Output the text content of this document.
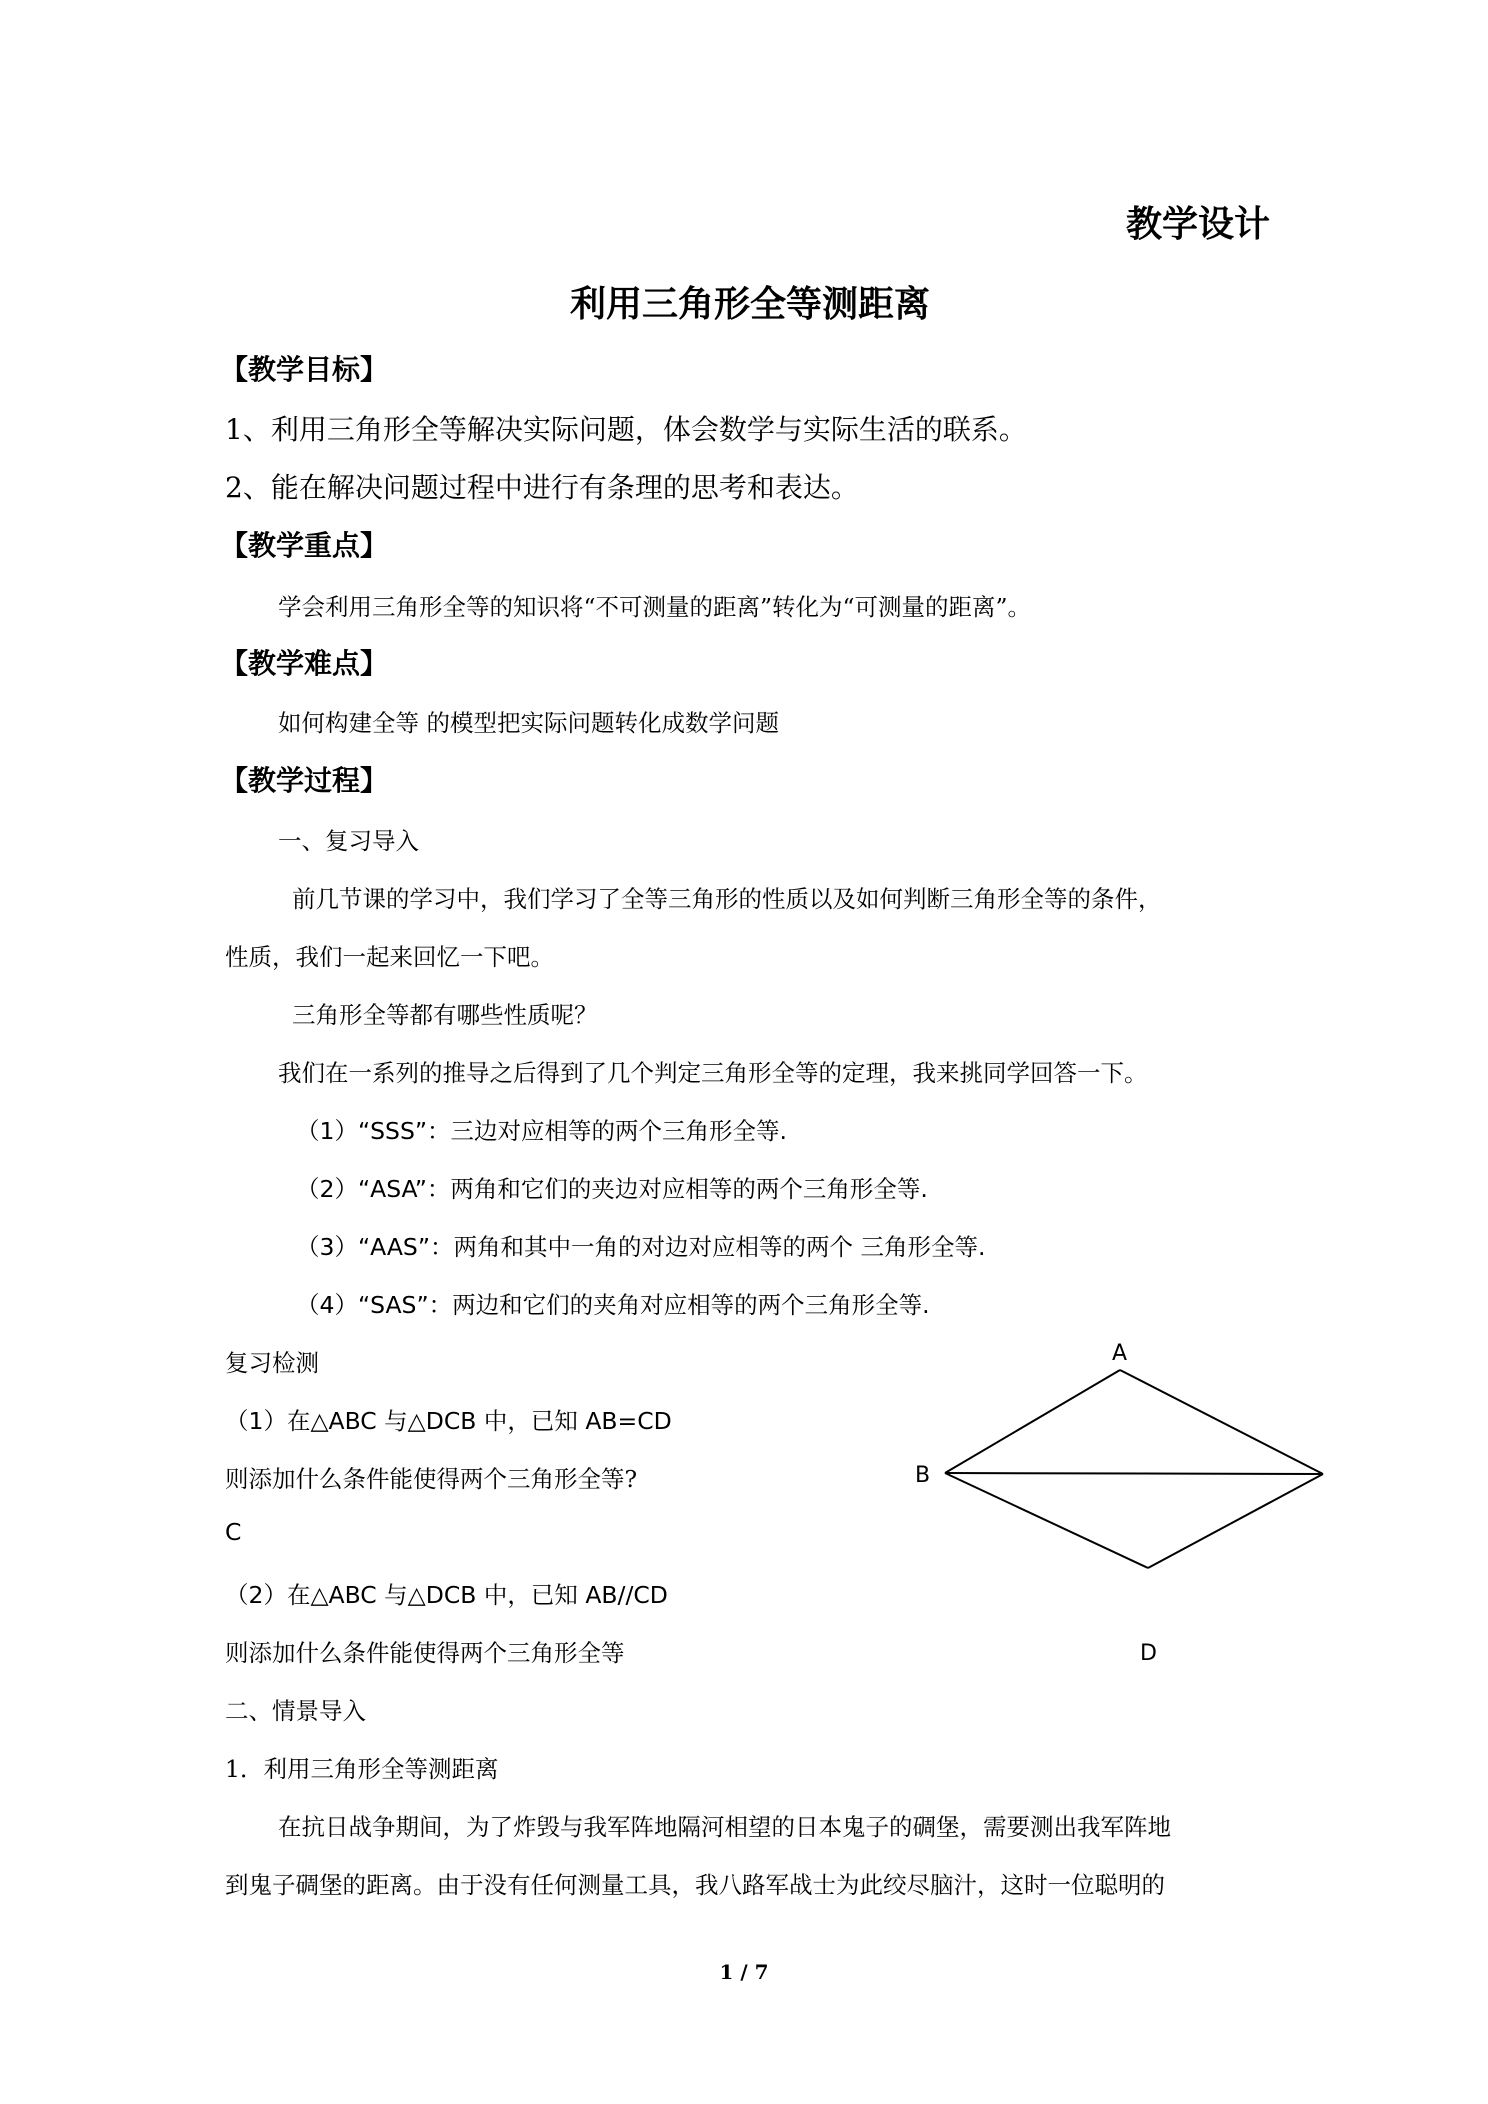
教学设计
利用三角形全等测距离
【教学目标】
1、利用三角形全等解决实际问题，体会数学与实际生活的联系。
2、能在解决问题过程中进行有条理的思考和表达。
【教学重点】
学会利用三角形全等的知识将“不可测量的距离”转化为“可测量的距离”。
【教学难点】
如何构建全等 的模型把实际问题转化成数学问题
【教学过程】
一、复习导入
前几节课的学习中，我们学习了全等三角形的性质以及如何判断三角形全等的条件，
性质，我们一起来回忆一下吧。
三角形全等都有哪些性质呢？
我们在一系列的推导之后得到了几个判定三角形全等的定理，我来挑同学回答一下。
（1）“SSS”：三边对应相等的两个三角形全等.
（2）“ASA”：两角和它们的夹边对应相等的两个三角形全等.
（3）“AAS”：两角和其中一角的对边对应相等的两个 三角形全等.
（4）“SAS”：两边和它们的夹角对应相等的两个三角形全等.
复习检测
（1）在△ABC 与△DCB 中，已知 AB=CD
则添加什么条件能使得两个三角形全等?
C
（2）在△ABC 与△DCB 中，已知 AB//CD
则添加什么条件能使得两个三角形全等
二、情景导入
1．利用三角形全等测距离
在抗日战争期间，为了炸毁与我军阵地隔河相望的日本鬼子的碉堡，需要测出我军阵地
到鬼子碉堡的距离。由于没有任何测量工具，我八路军战士为此绞尽脑汁，这时一位聪明的
A
B
D
1 / 7
